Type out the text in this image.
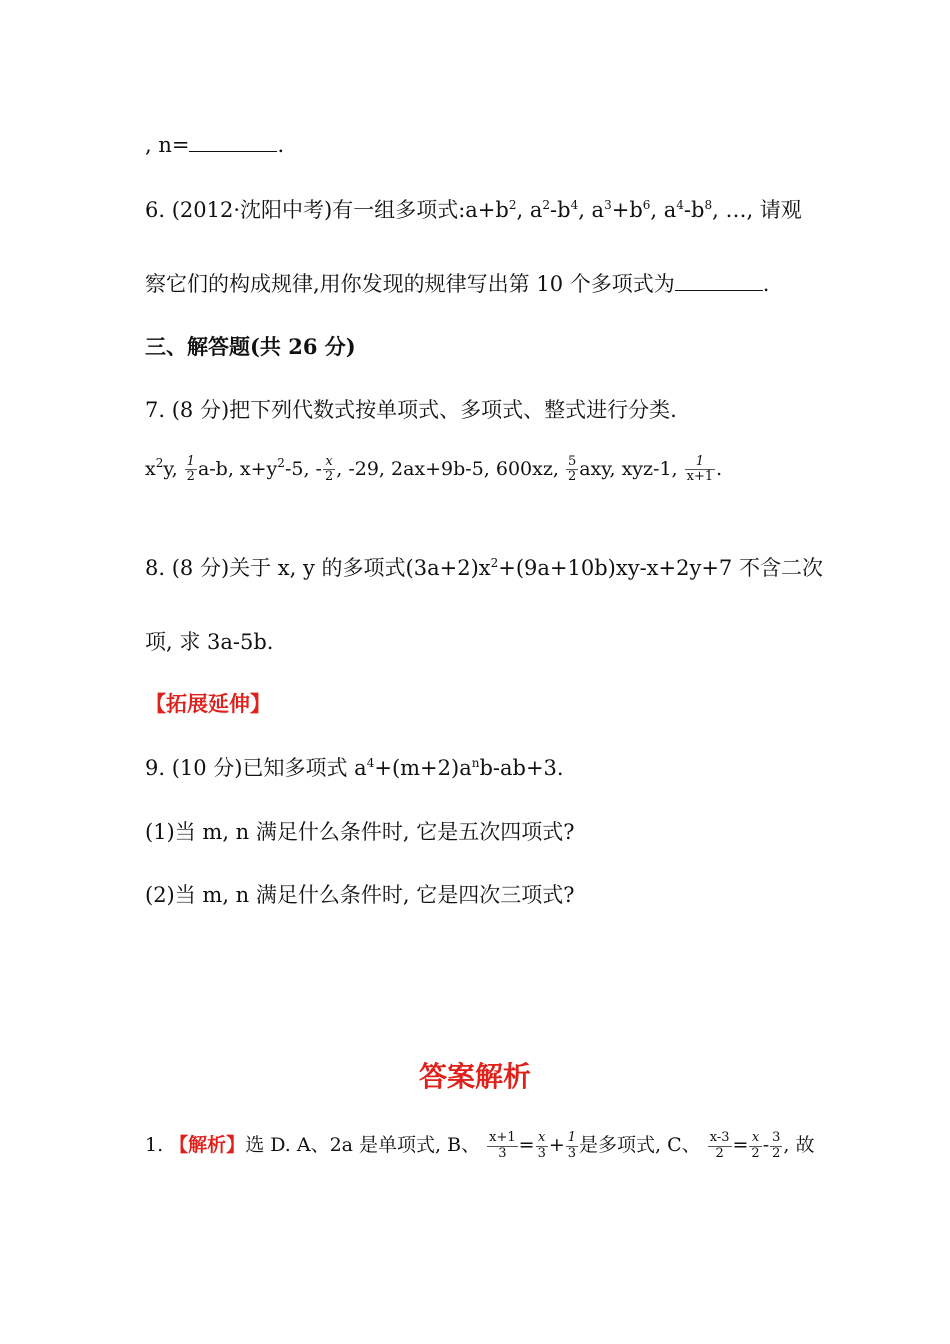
, n=	.
6. (2012·沈阳中考)有一组多项式$:a+b^2$, $a^2-b^4$, $a^3+b^6$, $a^4-b^8$, …, 请观
察它们的构成规律,用你发现的规律写出第 10 个多项式为	.
三、解答题(共 26 分)
7. (8 分)把下列代数式按单项式、多项式、整式进行分类.
$x^2y$, $\frac{1}{2} a-b$, $x+y^2-5$, - $\frac{x}{2}$ , -29, 2ax+9b-5, 600xz, $\frac{5}{2}$ axy, xyz-1, $\frac{1}{x+1}$ .
8. (8 分)关于 x, y 的多项式$(3a+2)x^2+(9a+10b)xy-x+2y+7$ 不含二次
项, 求 3a-5b.
【拓展延伸】
9. (10 分)已知多项式 $a^4+(m+2)a^nb-ab+3$.
(1)当 m, n 满足什么条件时, 它是五次四项式?
(2)当 m, n 满足什么条件时, 它是四次三项式?
答案解析
1. 【解析】选 D. A、2a 是单项式, B、 $\frac{x+1}{3} = \frac{x}{3} + \frac{1}{3}$ 是多项式, C、 $\frac{x-3}{2} = \frac{x}{2} - \frac{3}{2}$ , 故
